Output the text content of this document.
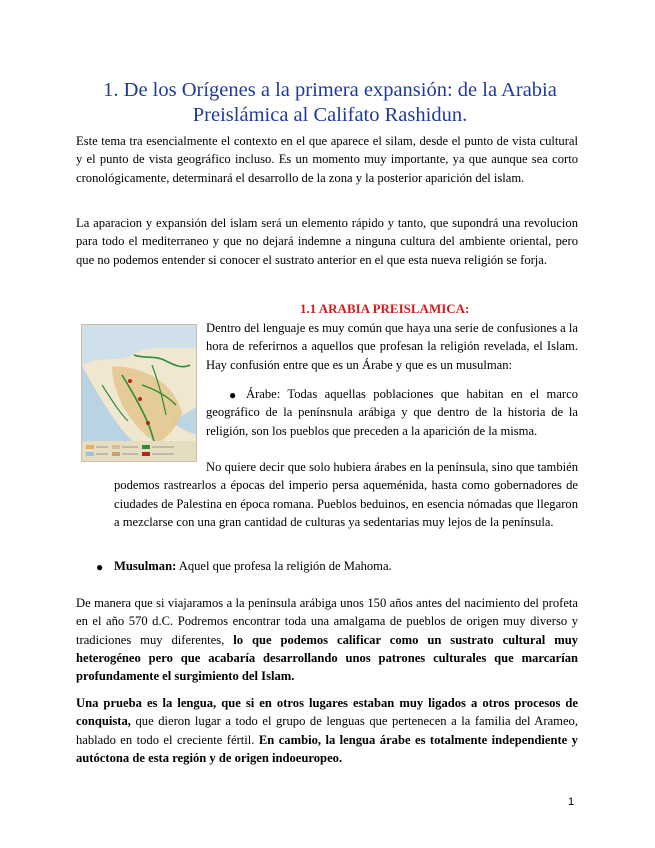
1. De los Orígenes a la primera expansión: de la Arabia
Preislámica al Califato Rashidun.

Este tema tra esencialmente el contexto en el que aparece el silam, desde el punto de vista cultural y el punto de vista geográfico incluso. Es un momento muy importante, ya que aunque sea corto cronológicamente, determinará el desarrollo de la zona y la posterior aparición del islam.

La aparacion y expansión del islam será un elemento rápido y tanto, que supondrá una revolucion para todo el mediterraneo y que no dejará indemne a ninguna cultura del ambiente oriental, pero que no podemos entender si conocer el sustrato anterior en el que esta nueva religión se forja.

1.1 ARABIA PREISLAMICA:

Dentro del lenguaje es muy común que haya una serie de confusiones a la hora de referirnos a aquellos que profesan la religión revelada, el Islam. Hay confusión entre que es un Árabe y que es un musulman:

● Árabe: Todas aquellas poblaciones que habitan en el marco geográfico de la penínsnula arábiga y que dentro de la historia de la religión, son los pueblos que preceden a la aparición de la misma.

No quiere decir que solo hubiera árabes en la península, sino que también podemos rastrearlos a épocas del imperio persa aqueménida, hasta como gobernadores de ciudades de Palestina en época romana. Pueblos beduinos, en esencia nómadas que llegaron a mezclarse con una gran cantidad de culturas ya sedentarias muy lejos de la península.

● Musulman: Aquel que profesa la religión de Mahoma.

De manera que si viajaramos a la península arábiga unos 150 años antes del nacimiento del profeta en el año 570 d.C. Podremos encontrar toda una amalgama de pueblos de origen muy diverso y tradiciones muy diferentes, lo que podemos calificar como un sustrato cultural muy heterogéneo pero que acabaría desarrollando unos patrones culturales que marcarían profundamente el surgimiento del Islam.

Una prueba es la lengua, que si en otros lugares estaban muy ligados a otros procesos de conquista, que dieron lugar a todo el grupo de lenguas que pertenecen a la familia del Arameo, hablado en todo el creciente fértil. En cambio, la lengua árabe es totalmente independiente y autóctona de esta región y de origen indoeuropeo.

1
